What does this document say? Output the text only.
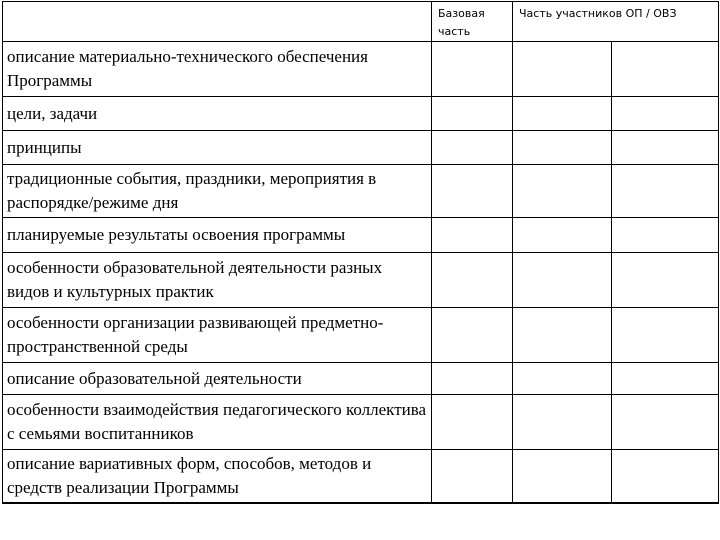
	Базовая часть	Часть участников ОП / ОВЗ	
описание материально-технического обеспечения Программы			
цели, задачи			
принципы			
традиционные события, праздники, мероприятия в распорядке/режиме дня			
планируемые результаты освоения программы			
особенности образовательной деятельности разных видов и культурных практик			
особенности организации развивающей предметно-пространственной среды			
описание образовательной деятельности			
особенности взаимодействия педагогического коллектива с семьями воспитанников			
описание вариативных форм, способов, методов и средств реализации Программы			
